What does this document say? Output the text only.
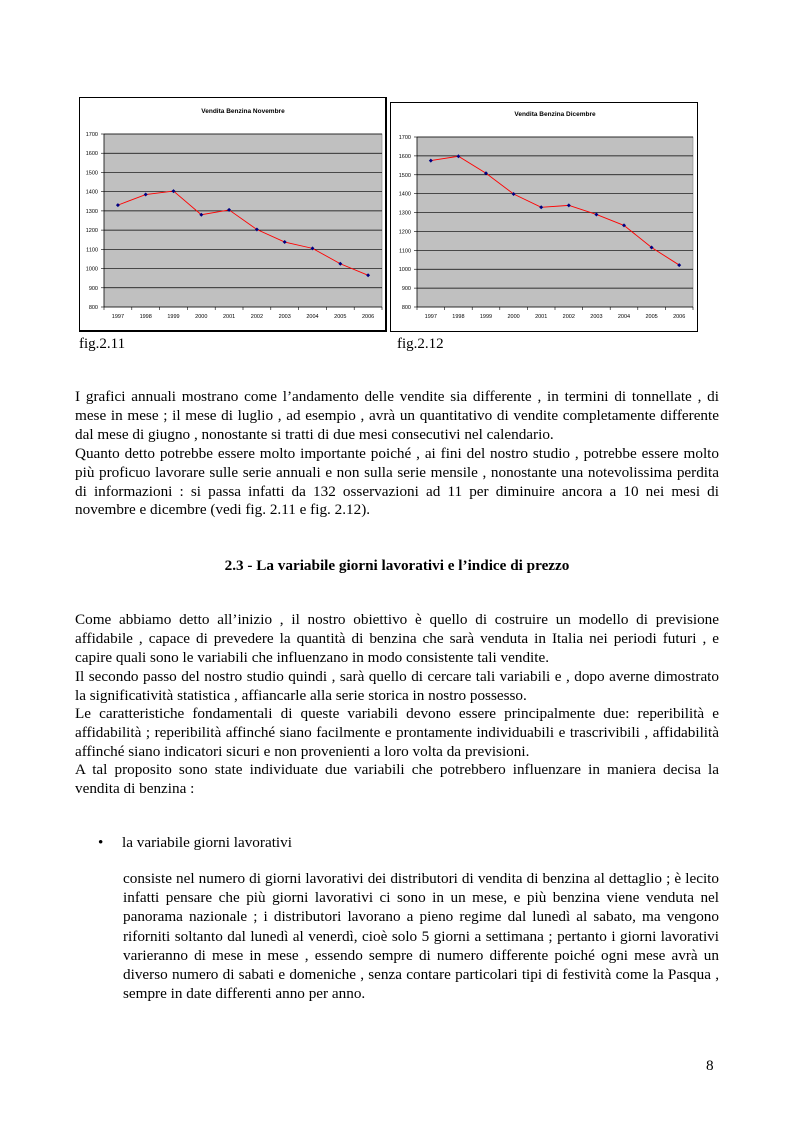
Vendita Benzina Novembre
800
900
1000
1100
1200
1300
1400
1500
1600
1700
1997	1998	1999	2000	2001	2002	2003	2004	2005	2006
fig.2.11
Vendita Benzina Dicembre
800
900
1000
1100
1200
1300
1400
1500
1600
1700
1997	1998	1999	2000	2001	2002	2003	2004	2005	2006
fig.2.12

I grafici annuali mostrano come l’andamento delle vendite sia differente , in termini di tonnellate , di mese in mese ; il mese di luglio , ad esempio , avrà un quantitativo di vendite completamente differente dal mese di giugno , nonostante si tratti di due mesi consecutivi nel calendario.

Quanto detto potrebbe essere molto importante poiché , ai fini del nostro studio , potrebbe essere molto più proficuo lavorare sulle serie annuali e non sulla serie mensile , nonostante una notevolissima perdita di informazioni : si passa infatti da 132 osservazioni ad 11 per diminuire ancora a 10 nei mesi di novembre e dicembre (vedi fig. 2.11 e fig. 2.12).

2.3 - La variabile giorni lavorativi e l’indice di prezzo

Come abbiamo detto all’inizio , il nostro obiettivo è quello di costruire un modello di previsione affidabile , capace di prevedere la quantità di benzina che sarà venduta in Italia nei periodi futuri , e capire quali sono le variabili che influenzano in modo consistente tali vendite.

Il secondo passo del nostro studio quindi , sarà quello di cercare tali variabili e , dopo averne dimostrato la significatività statistica , affiancarle alla serie storica in nostro possesso.

Le caratteristiche fondamentali di queste variabili devono essere principalmente due: reperibilità e affidabilità ; reperibilità affinché siano facilmente e prontamente individuabili e trascrivibili , affidabilità affinché siano indicatori sicuri e non provenienti a loro volta da previsioni.

A tal proposito sono state individuate due variabili che potrebbero influenzare in maniera decisa la vendita di benzina :

• la variabile giorni lavorativi

consiste nel numero di giorni lavorativi dei distributori di vendita di benzina al dettaglio ; è lecito infatti pensare che più giorni lavorativi ci sono in un mese, e più benzina viene venduta nel panorama nazionale ; i distributori lavorano a pieno regime dal lunedì al sabato, ma vengono riforniti soltanto dal lunedì al venerdì, cioè solo 5 giorni a settimana ; pertanto i giorni lavorativi varieranno di mese in mese , essendo sempre di numero differente poiché ogni mese avrà un diverso numero di sabati e domeniche , senza contare particolari tipi di festività come la Pasqua , sempre in date differenti anno per anno.

8
